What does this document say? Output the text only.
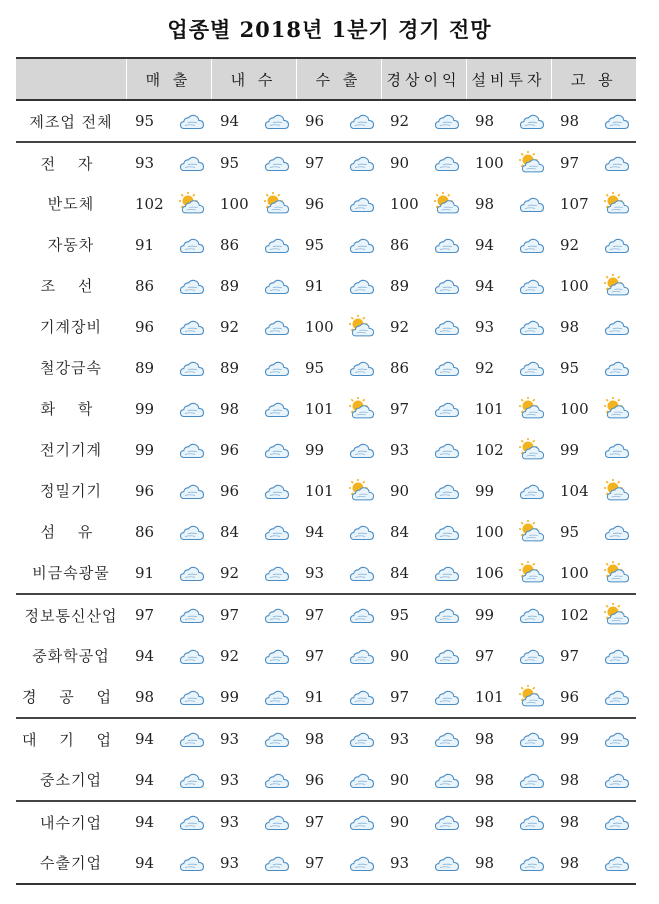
업종별 2018년 1분기 경기 전망
	매 출	내 수	수 출	경상이익	설비투자	고 용
제조업 전체	95	94	96	92	98	98

전 자	93	95	97	90	100	97

반도체	102	100	96	100	98	107

자동차	91	86	95	86	94	92

조 선	86	89	91	89	94	100

기계장비	96	92	100	92	93	98

철강금속	89	89	95	86	92	95

화 학	99	98	101	97	101	100

전기기계	99	96	99	93	102	99

정밀기기	96	96	101	90	99	104

섬 유	86	84	94	84	100	95

비금속광물	91	92	93	84	106	100

정보통신산업	97	97	97	95	99	102

중화학공업	94	92	97	90	97	97

경 공 업	98	99	91	97	101	96

대 기 업	94	93	98	93	98	99

중소기업	94	93	96	90	98	98

내수기업	94	93	97	90	98	98

수출기업	94	93	97	93	98	98
